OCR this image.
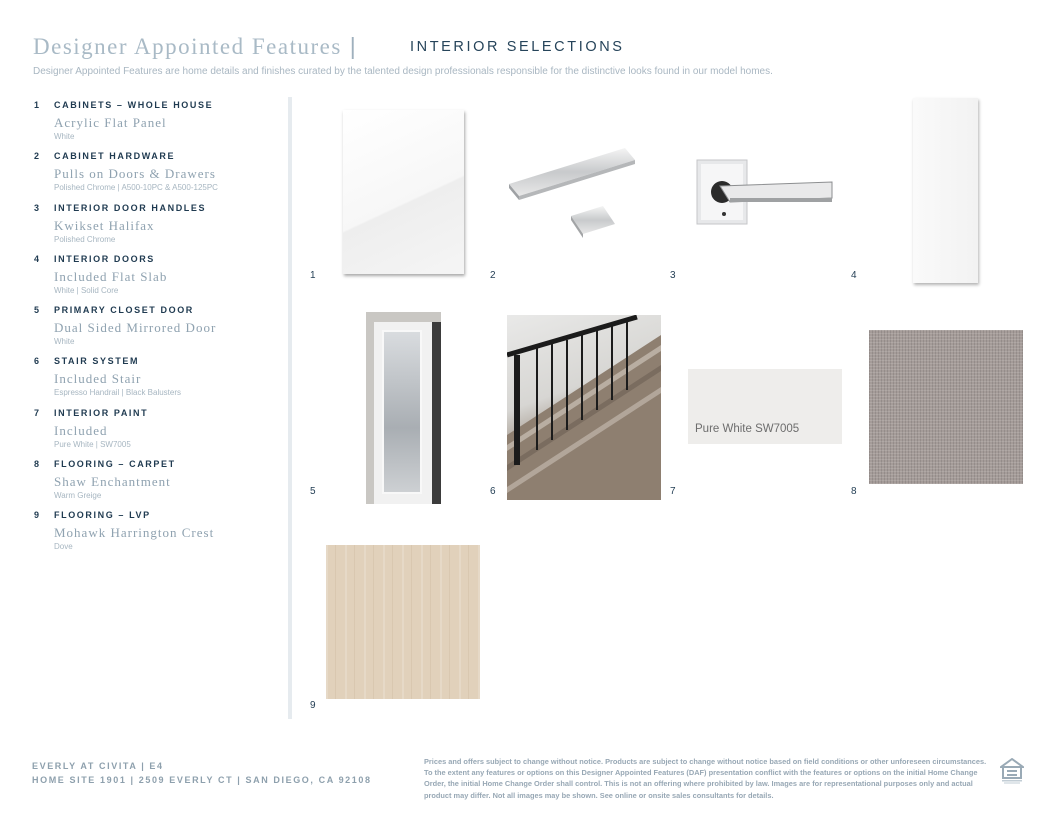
Designer Appointed Features |	INTERIOR SELECTIONS
Designer Appointed Features are home details and finishes curated by the talented design professionals responsible for the distinctive looks found in our model homes.
1	CABINETS – WHOLE HOUSE
Acrylic Flat Panel
White
2	CABINET HARDWARE
Pulls on Doors & Drawers
Polished Chrome | A500-10PC & A500-125PC
3	INTERIOR DOOR HANDLES
Kwikset Halifax
Polished Chrome
4	INTERIOR DOORS
Included Flat Slab
White | Solid Core
5	PRIMARY CLOSET DOOR
Dual Sided Mirrored Door
White
6	STAIR SYSTEM
Included Stair
Espresso Handrail | Black Balusters
7	INTERIOR PAINT
Included
Pure White | SW7005
8	FLOORING – CARPET
Shaw Enchantment
Warm Greige
9	FLOORING – LVP
Mohawk Harrington Crest
Dove
1	2	3	4
5	6
Pure White SW7005
7	8
9
EVERLY AT CIVITA | E4
HOME SITE 1901 | 2509 EVERLY CT | SAN DIEGO, CA 92108
Prices and offers subject to change without notice. Products are subject to change without notice based on field conditions or other unforeseen circumstances. To the extent any features or options on this Designer Appointed Features (DAF) presentation conflict with the features or options on the initial Home Change Order, the initial Home Change Order shall control. This is not an offering where prohibited by law. Images are for representational purposes only and actual product may differ. Not all images may be shown. See online or onsite sales consultants for details.
